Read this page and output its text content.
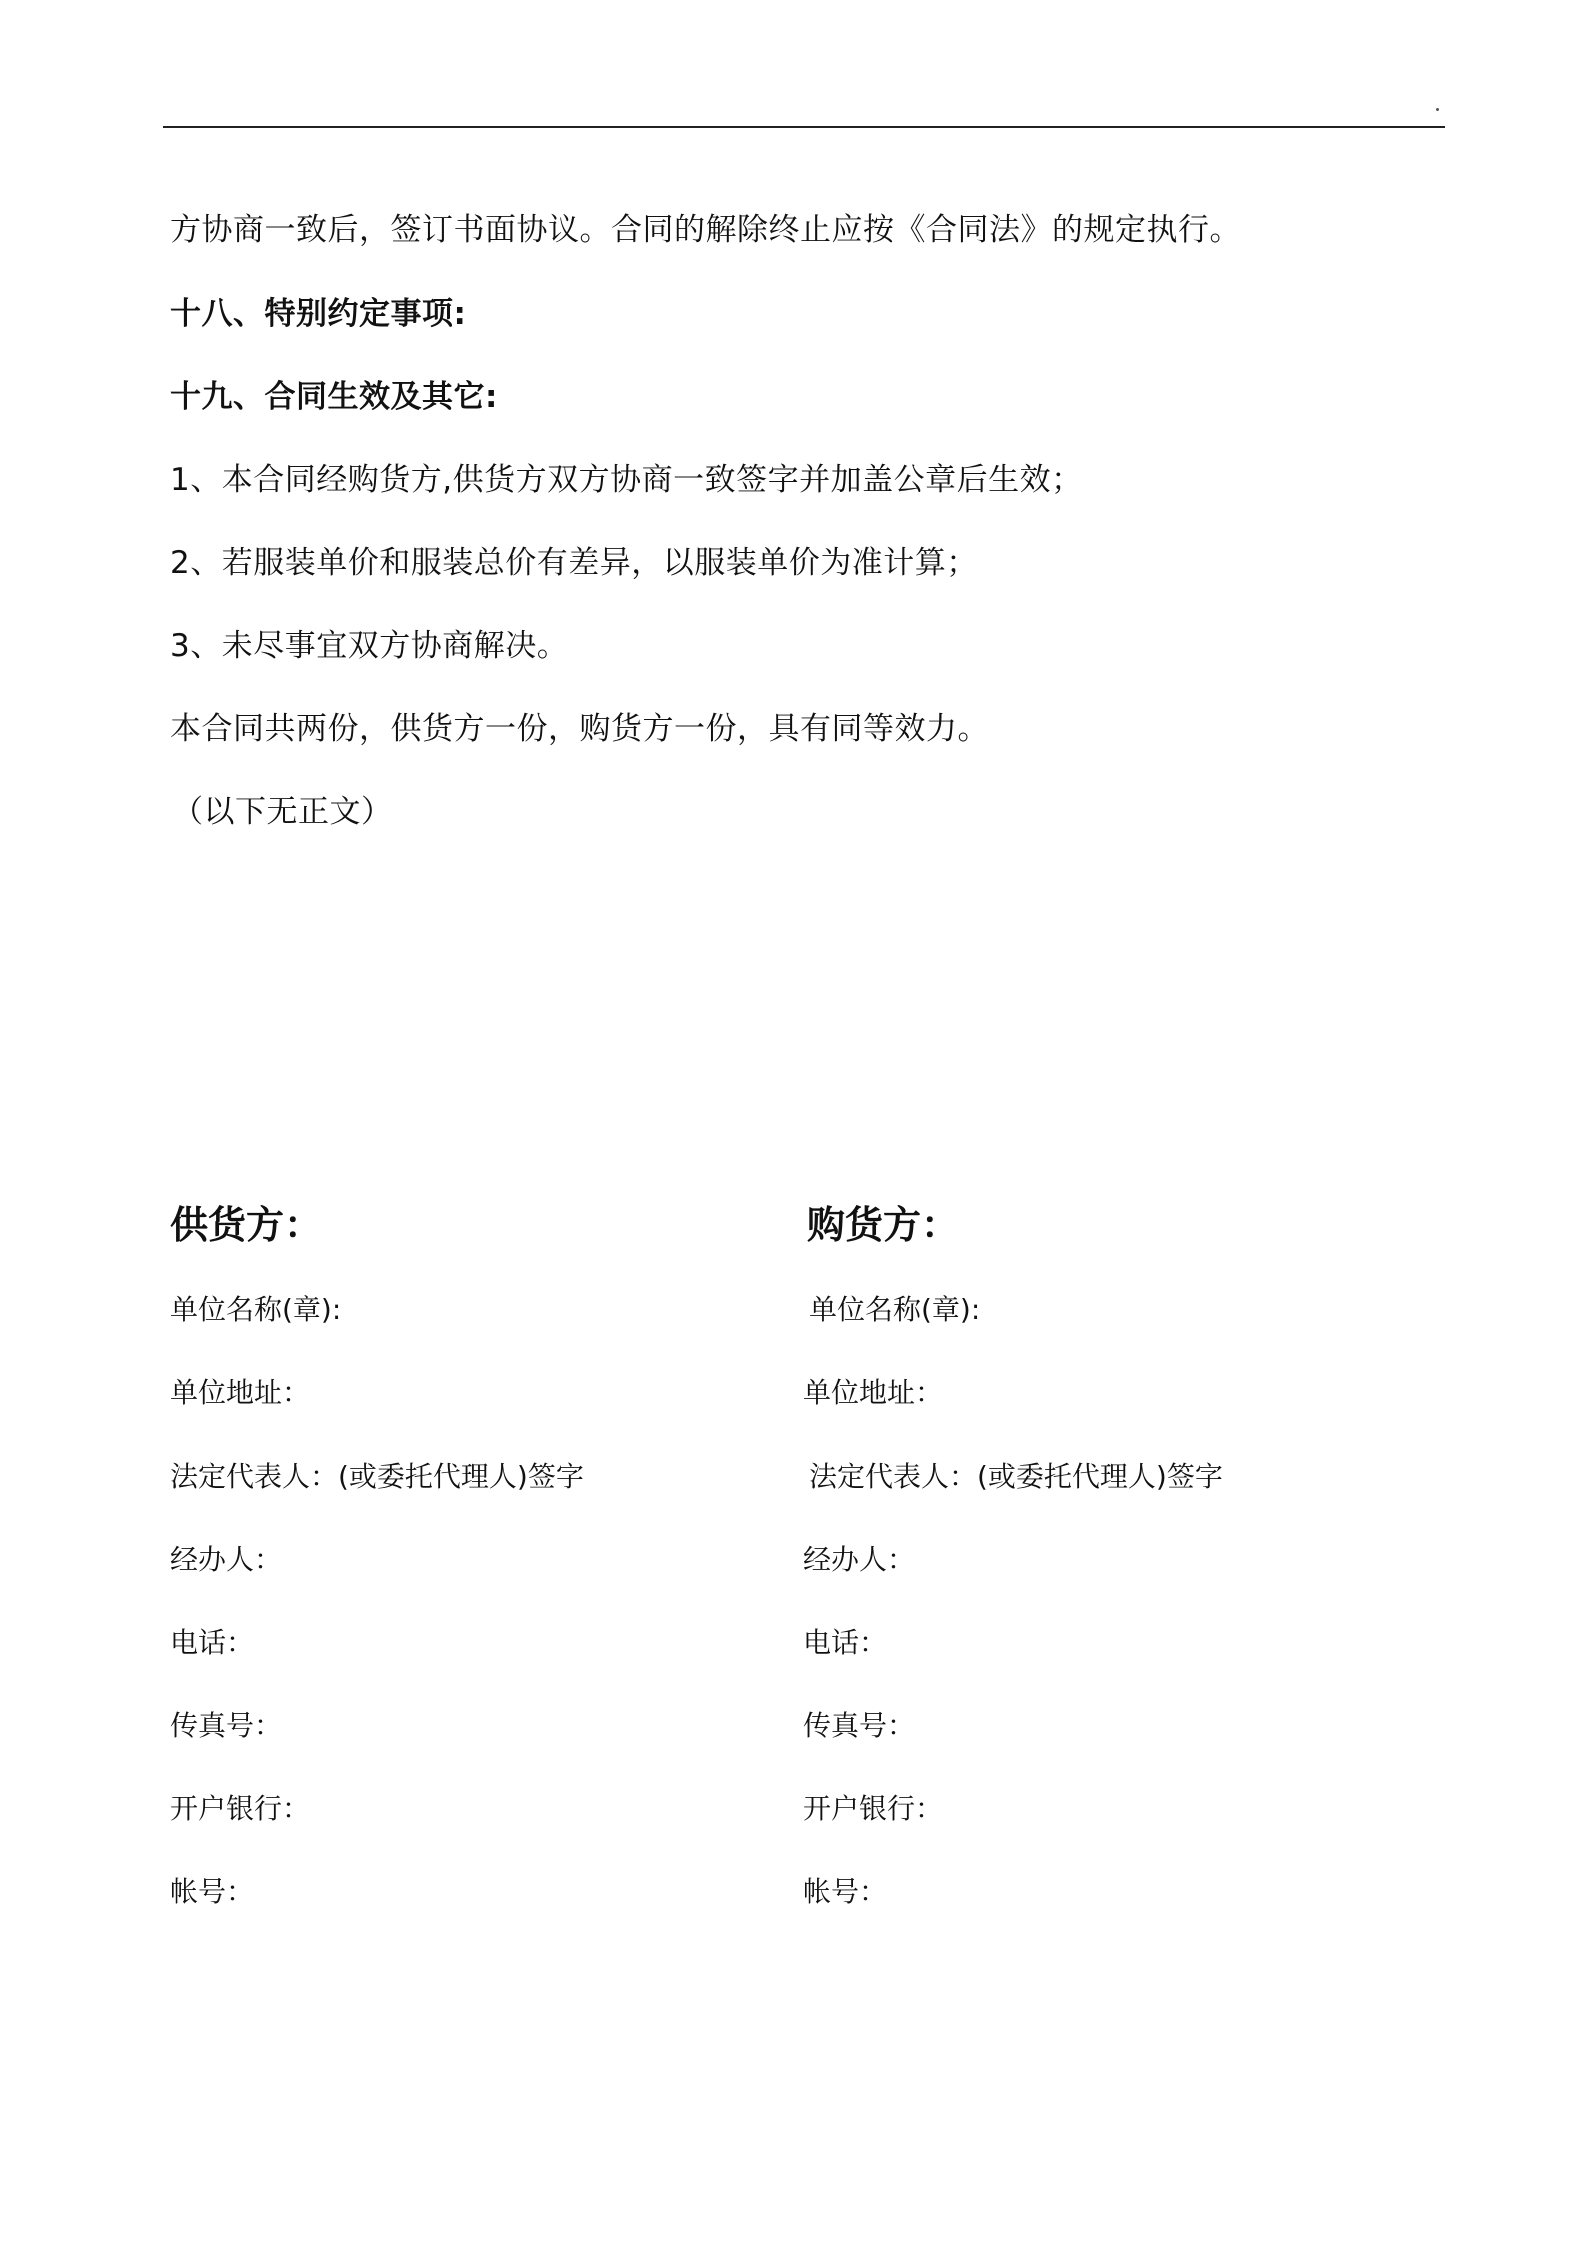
方协商一致后，签订书面协议。合同的解除终止应按《合同法》的规定执行。
十八、特别约定事项:
十九、合同生效及其它:
1、本合同经购货方,供货方双方协商一致签字并加盖公章后生效；
2、若服装单价和服装总价有差异，以服装单价为准计算；
3、未尽事宜双方协商解决。
本合同共两份，供货方一份，购货方一份，具有同等效力。
（以下无正文）
供货方：
单位名称(章):
单位地址：
法定代表人：(或委托代理人)签字
经办人：
电话：
传真号：
开户银行：
帐号：
购货方：
单位名称(章):
单位地址：
法定代表人：(或委托代理人)签字
经办人：
电话：
传真号：
开户银行：
帐号：
